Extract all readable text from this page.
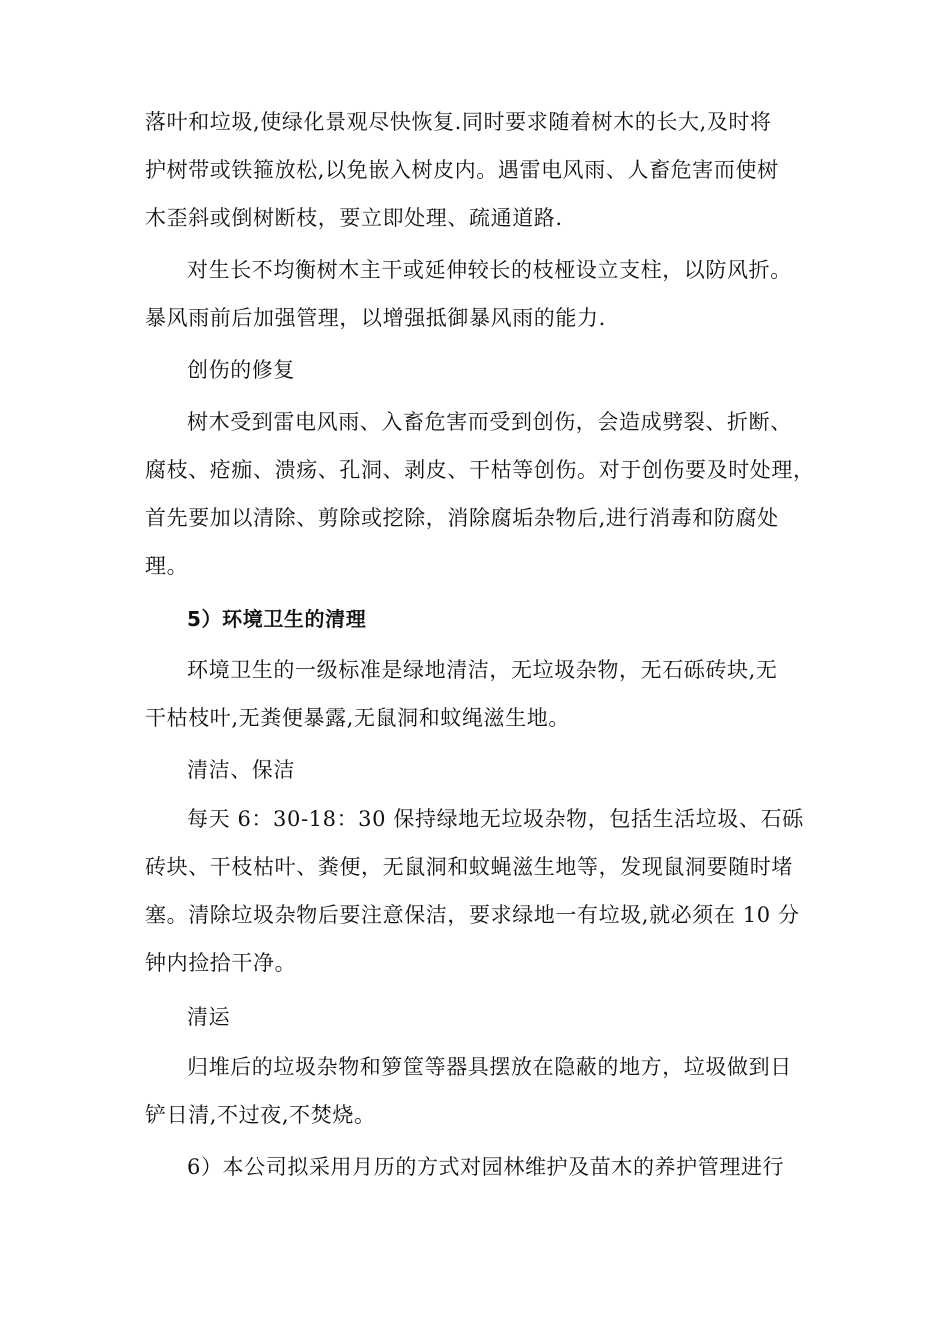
落叶和垃圾,使绿化景观尽快恢复.同时要求随着树木的长大,及时将
护树带或铁箍放松,以免嵌入树皮内。遇雷电风雨、人畜危害而使树
木歪斜或倒树断枝，要立即处理、疏通道路.
对生长不均衡树木主干或延伸较长的枝桠设立支柱，以防风折。
暴风雨前后加强管理，以增强抵御暴风雨的能力.
创伤的修复
树木受到雷电风雨、入畜危害而受到创伤，会造成劈裂、折断、
腐枝、疮痂、溃疡、孔洞、剥皮、干枯等创伤。对于创伤要及时处理，
首先要加以清除、剪除或挖除，消除腐垢杂物后,进行消毒和防腐处
理。
5）环境卫生的清理
环境卫生的一级标准是绿地清洁，无垃圾杂物，无石砾砖块,无
干枯枝叶,无粪便暴露,无鼠洞和蚊绳滋生地。
清洁、保洁
每天 6：30-18：30 保持绿地无垃圾杂物，包括生活垃圾、石砾
砖块、干枝枯叶、粪便，无鼠洞和蚊蝇滋生地等，发现鼠洞要随时堵
塞。清除垃圾杂物后要注意保洁，要求绿地一有垃圾,就必须在 10 分
钟内捡拾干净。
清运
归堆后的垃圾杂物和箩筐等器具摆放在隐蔽的地方，垃圾做到日
铲日清,不过夜,不焚烧。
6）本公司拟采用月历的方式对园林维护及苗木的养护管理进行
